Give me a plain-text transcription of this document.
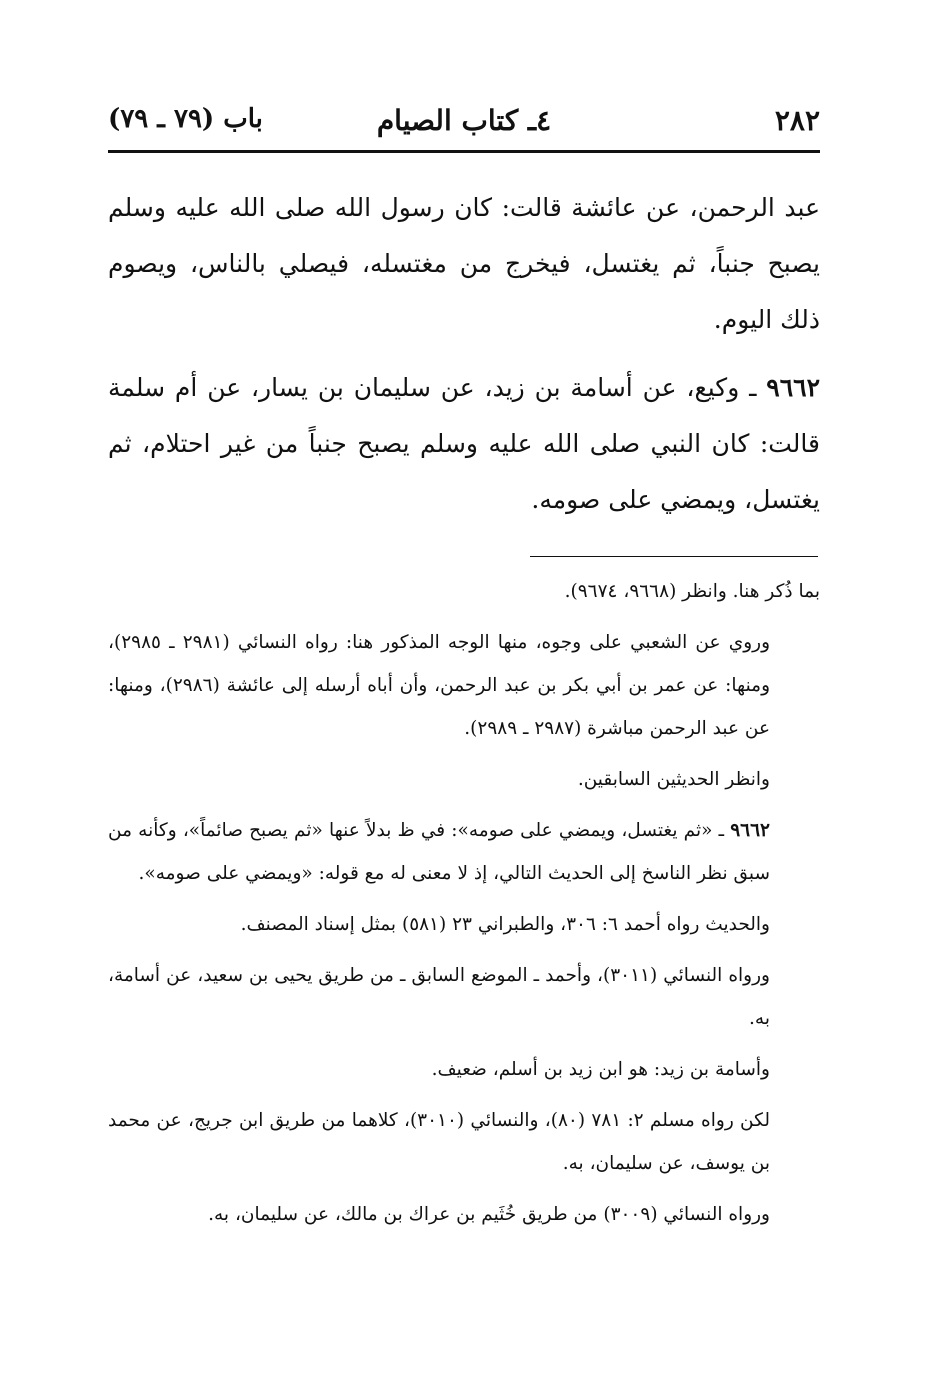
٢٨٢
٤ـ كتاب الصيام
باب (٧٩ ـ ٧٩)

عبد الرحمن، عن عائشة قالت: كان رسول الله صلى الله عليه وسلم يصبح جنباً، ثم يغتسل، فيخرج من مغتسله، فيصلي بالناس، ويصوم ذلك اليوم.

٩٦٦٢ ـ وكيع، عن أسامة بن زيد، عن سليمان بن يسار، عن أم سلمة قالت: كان النبي صلى الله عليه وسلم يصبح جنباً من غير احتلام، ثم يغتسل، ويمضي على صومه.

بما ذُكر هنا. وانظر (٩٦٦٨، ٩٦٧٤).

وروي عن الشعبي على وجوه، منها الوجه المذكور هنا: رواه النسائي (٢٩٨١ ـ ٢٩٨٥)، ومنها: عن عمر بن أبي بكر بن عبد الرحمن، وأن أباه أرسله إلى عائشة (٢٩٨٦)، ومنها: عن عبد الرحمن مباشرة (٢٩٨٧ ـ ٢٩٨٩).

وانظر الحديثين السابقين.

٩٦٦٢ ـ «ثم يغتسل، ويمضي على صومه»: في ظ بدلاً عنها «ثم يصبح صائماً»، وكأنه من سبق نظر الناسخ إلى الحديث التالي، إذ لا معنى له مع قوله: «ويمضي على صومه».

والحديث رواه أحمد ٦: ٣٠٦، والطبراني ٢٣ (٥٨١) بمثل إسناد المصنف.

ورواه النسائي (٣٠١١)، وأحمد ـ الموضع السابق ـ من طريق يحيى بن سعيد، عن أسامة، به.

وأسامة بن زيد: هو ابن زيد بن أسلم، ضعيف.

لكن رواه مسلم ٢: ٧٨١ (٨٠)، والنسائي (٣٠١٠)، كلاهما من طريق ابن جريج، عن محمد بن يوسف، عن سليمان، به.

ورواه النسائي (٣٠٠٩) من طريق خُثَيم بن عراك بن مالك، عن سليمان، به.
